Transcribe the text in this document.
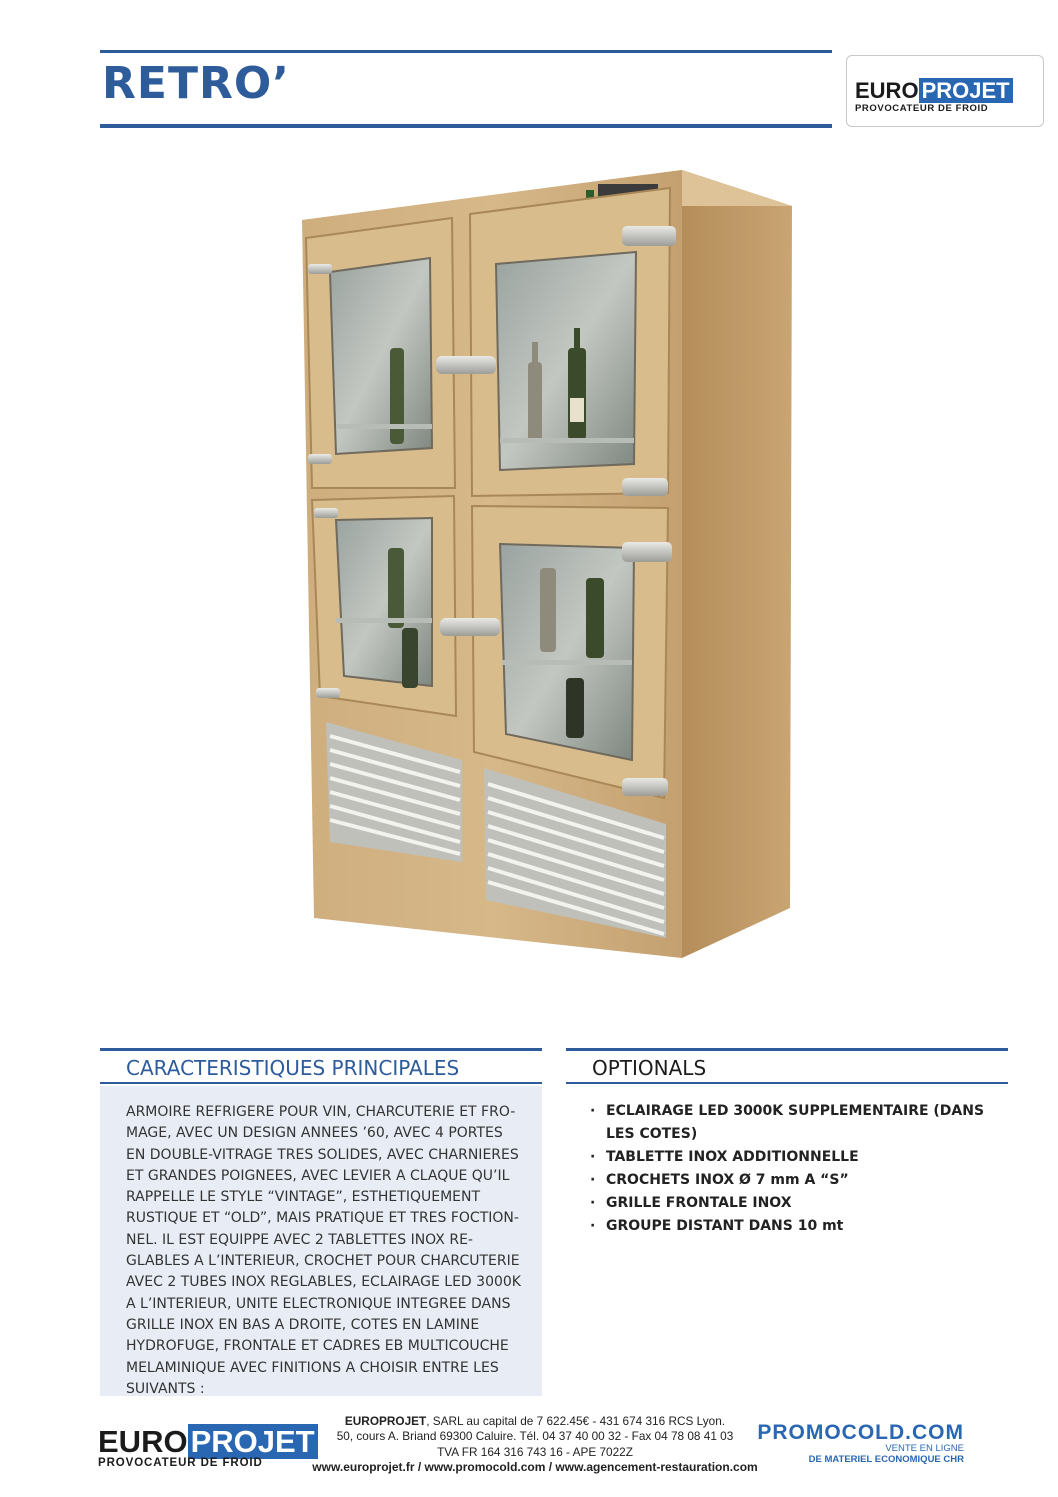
RETRO’	EURO PROJET
PROVOCATEUR DE FROID
CARACTERISTIQUES PRINCIPALES
ARMOIRE REFRIGERE POUR VIN, CHARCUTERIE ET FRO-
MAGE, AVEC UN DESIGN ANNEES ’60, AVEC 4 PORTES
EN DOUBLE-VITRAGE TRES SOLIDES, AVEC CHARNIERES
ET GRANDES POIGNEES, AVEC LEVIER A CLAQUE QU’IL
RAPPELLE LE STYLE “VINTAGE”, ESTHETIQUEMENT
RUSTIQUE ET “OLD”, MAIS PRATIQUE ET TRES FOCTION-
NEL. IL EST EQUIPPE AVEC 2 TABLETTES INOX RE-
GLABLES A L’INTERIEUR, CROCHET POUR CHARCUTERIE
AVEC 2 TUBES INOX REGLABLES, ECLAIRAGE LED 3000K
A L’INTERIEUR, UNITE ELECTRONIQUE INTEGREE DANS
GRILLE INOX EN BAS A DROITE, COTES EN LAMINE
HYDROFUGE, FRONTALE ET CADRES EB MULTICOUCHE
MELAMINIQUE AVEC FINITIONS A CHOISIR ENTRE LES
SUIVANTS :
OPTIONALS
· ECLAIRAGE LED 3000K SUPPLEMENTAIRE (DANS LES COTES)
· TABLETTE INOX ADDITIONNELLE
· CROCHETS INOX Ø 7 mm A “S”
· GRILLE FRONTALE INOX
· GROUPE DISTANT DANS 10 mt
EUROPROJET
PROVOCATEUR DE FROID
EUROPROJET, SARL au capital de 7 622.45€ - 431 674 316 RCS Lyon.
50, cours A. Briand 69300 Caluire. Tél. 04 37 40 00 32 - Fax 04 78 08 41 03
TVA FR 164 316 743 16 - APE 7022Z
www.europrojet.fr / www.promocold.com / www.agencement-restauration.com
PROMOCOLD.COM
VENTE EN LIGNE
DE MATERIEL ECONOMIQUE CHR
